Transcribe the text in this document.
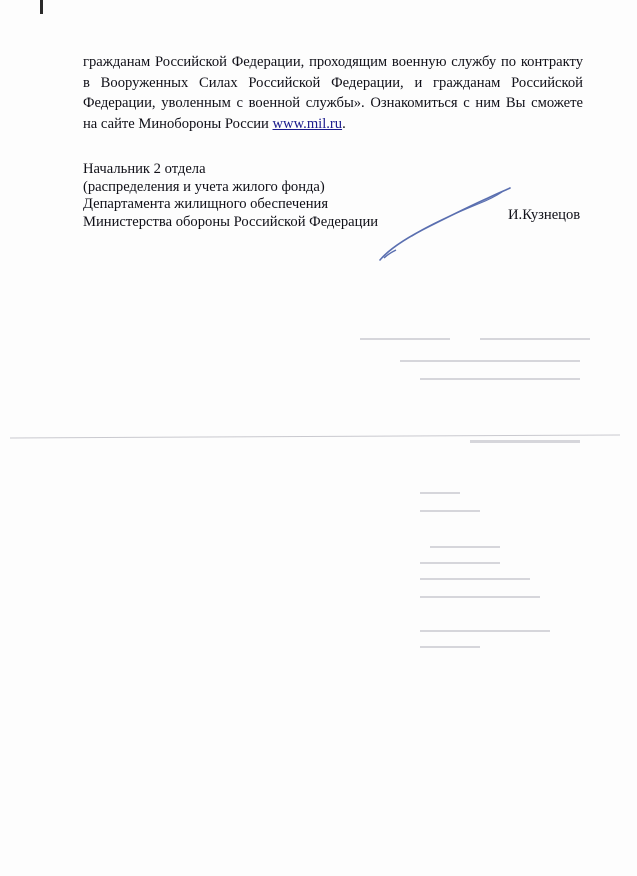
гражданам Российской Федерации, проходящим военную службу по контракту
в Вооруженных Силах Российской Федерации, и гражданам Российской
Федерации, уволенным с военной службы». Ознакомиться с ним Вы сможете
на сайте Минобороны России www.mil.ru.
Начальник 2 отдела
(распределения и учета жилого фонда)
Департамента жилищного обеспечения
Министерства обороны Российской Федерации	И.Кузнецов
